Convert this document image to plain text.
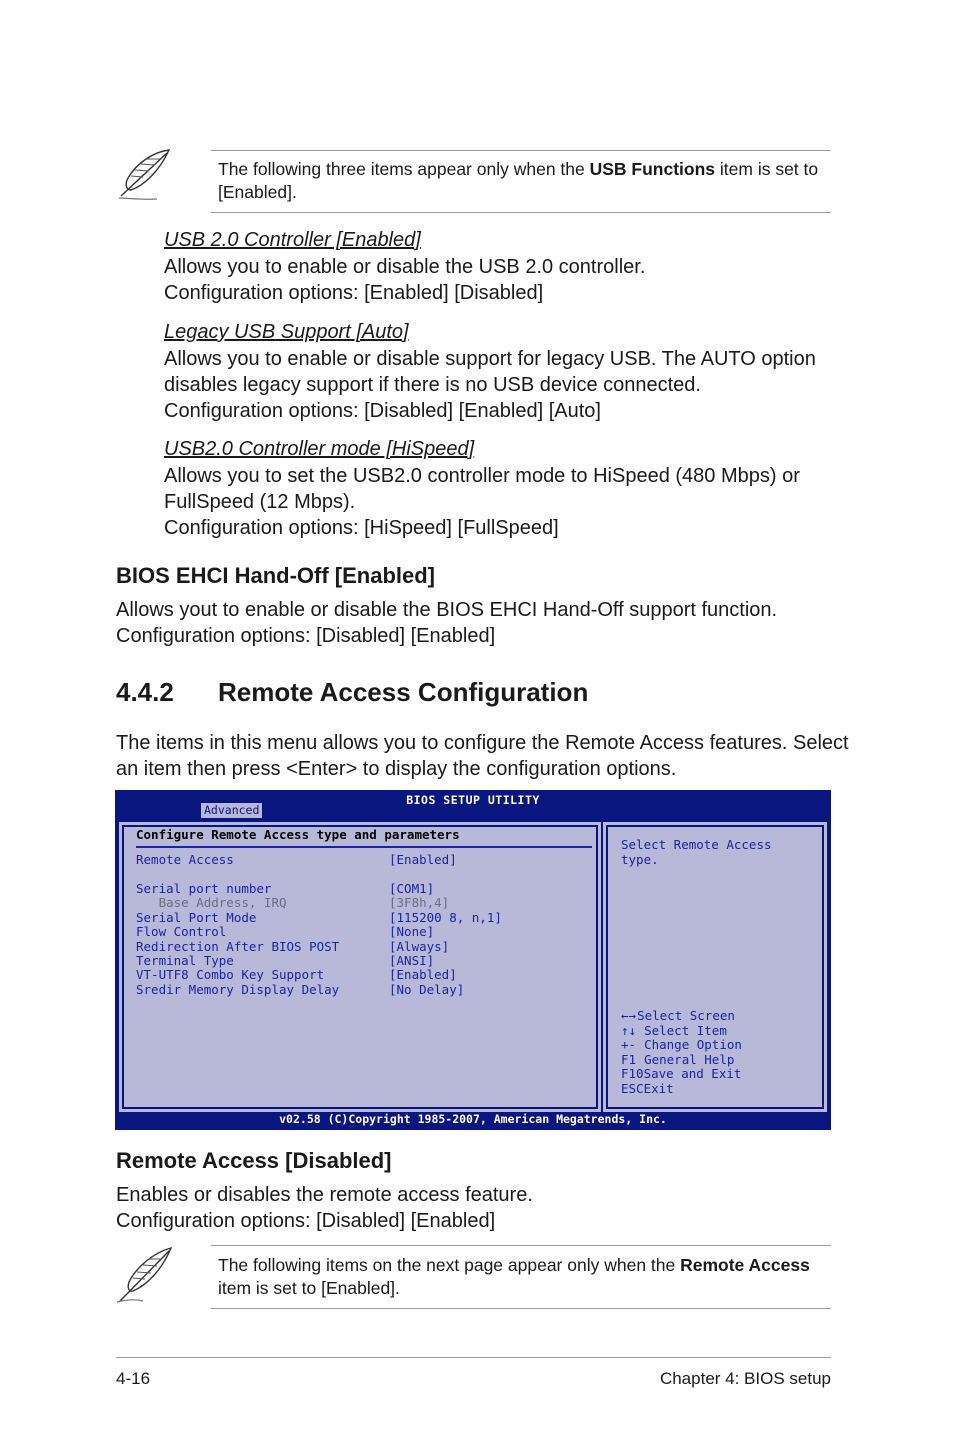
The following three items appear only when the USB Functions item is set to [Enabled].
USB 2.0 Controller [Enabled]
Allows you to enable or disable the USB 2.0 controller.
Configuration options: [Enabled] [Disabled]
Legacy USB Support [Auto]
Allows you to enable or disable support for legacy USB. The AUTO option
disables legacy support if there is no USB device connected.
Configuration options: [Disabled] [Enabled] [Auto]
USB2.0 Controller mode [HiSpeed]
Allows you to set the USB2.0 controller mode to HiSpeed (480 Mbps) or
FullSpeed (12 Mbps).
Configuration options: [HiSpeed] [FullSpeed]
BIOS EHCI Hand-Off [Enabled]
Allows yout to enable or disable the BIOS EHCI Hand-Off support function.
Configuration options: [Disabled] [Enabled]
4.4.2 Remote Access Configuration
The items in this menu allows you to configure the Remote Access features. Select
an item then press <Enter> to display the configuration options.
BIOS SETUP UTILITY
Advanced
Configure Remote Access type and parameters
Remote Access	[Enabled]
Serial port number	[COM1]
Base Address, IRQ	[3F8h,4]
Serial Port Mode	[115200 8, n,1]
Flow Control	[None]
Redirection After BIOS POST	[Always]
Terminal Type	[ANSI]
VT-UTF8 Combo Key Support	[Enabled]
Sredir Memory Display Delay	[No Delay]
Select Remote Access
type.
←→Select Screen
↑↓ Select Item
+- Change Option
F1 General Help
F10Save and Exit
ESCExit
v02.58 (C)Copyright 1985-2007, American Megatrends, Inc.
Remote Access [Disabled]
Enables or disables the remote access feature.
Configuration options: [Disabled] [Enabled]
The following items on the next page appear only when the Remote Access item is set to [Enabled].
4-16	Chapter 4: BIOS setup
